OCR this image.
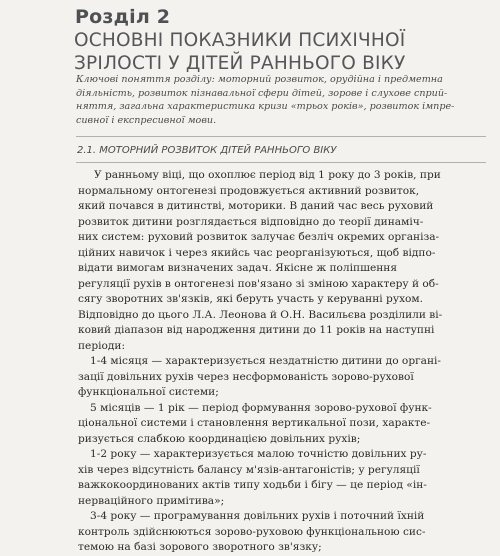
Розділ 2
ОСНОВНІ ПОКАЗНИКИ ПСИХІЧНОЇ
ЗРІЛОСТІ У ДІТЕЙ РАННЬОГО ВІКУ
Ключові поняття розділу: моторний розвиток, орудійна і предметна
діяльність, розвиток пізнавальної сфери дітей, зорове і слухове сприй-
няття, загальна характеристика кризи «трьох років», розвиток імпре-
сивної і експресивної мови.
2.1. МОТОРНИЙ РОЗВИТОК ДІТЕЙ РАННЬОГО ВІКУ
У ранньому віці, що охоплює період від 1 року до 3 років, при
нормальному онтогенезі продовжується активний розвиток,
який почався в дитинстві, моторики. В даний час весь руховий
розвиток дитини розглядається відповідно до теорії динаміч-
них систем: руховий розвиток залучає безліч окремих організа-
ційних навичок і через якийсь час реорганізуються, щоб відпо-
відати вимогам визначених задач. Якісне ж поліпшення
регуляції рухів в онтогенезі пов'язано зі зміною характеру й об-
сягу зворотних зв'язків, які беруть участь у керуванні рухом.
Відповідно до цього Л.А. Леонова й О.Н. Васильєва розділили ві-
ковий діапазон від народження дитини до 11 років на наступні
періоди:
1-4 місяця — характеризується нездатністю дитини до органі-
зації довільних рухів через несформованість зорово-рухової
функціональної системи;
5 місяців — 1 рік — період формування зорово-рухової функ-
ціональної системи і становлення вертикальної пози, характе-
ризується слабкою координацією довільних рухів;
1-2 року — характеризується малою точністю довільних ру-
хів через відсутність балансу м'язів-антагоністів; у регуляції
важкокоординованих актів типу ходьби і бігу — це період «ін-
нерваційного примітива»;
3-4 року — програмування довільних рухів і поточний їхній
контроль здійснюються зорово-руховою функціональною сис-
темою на базі зорового зворотного зв'язку;
